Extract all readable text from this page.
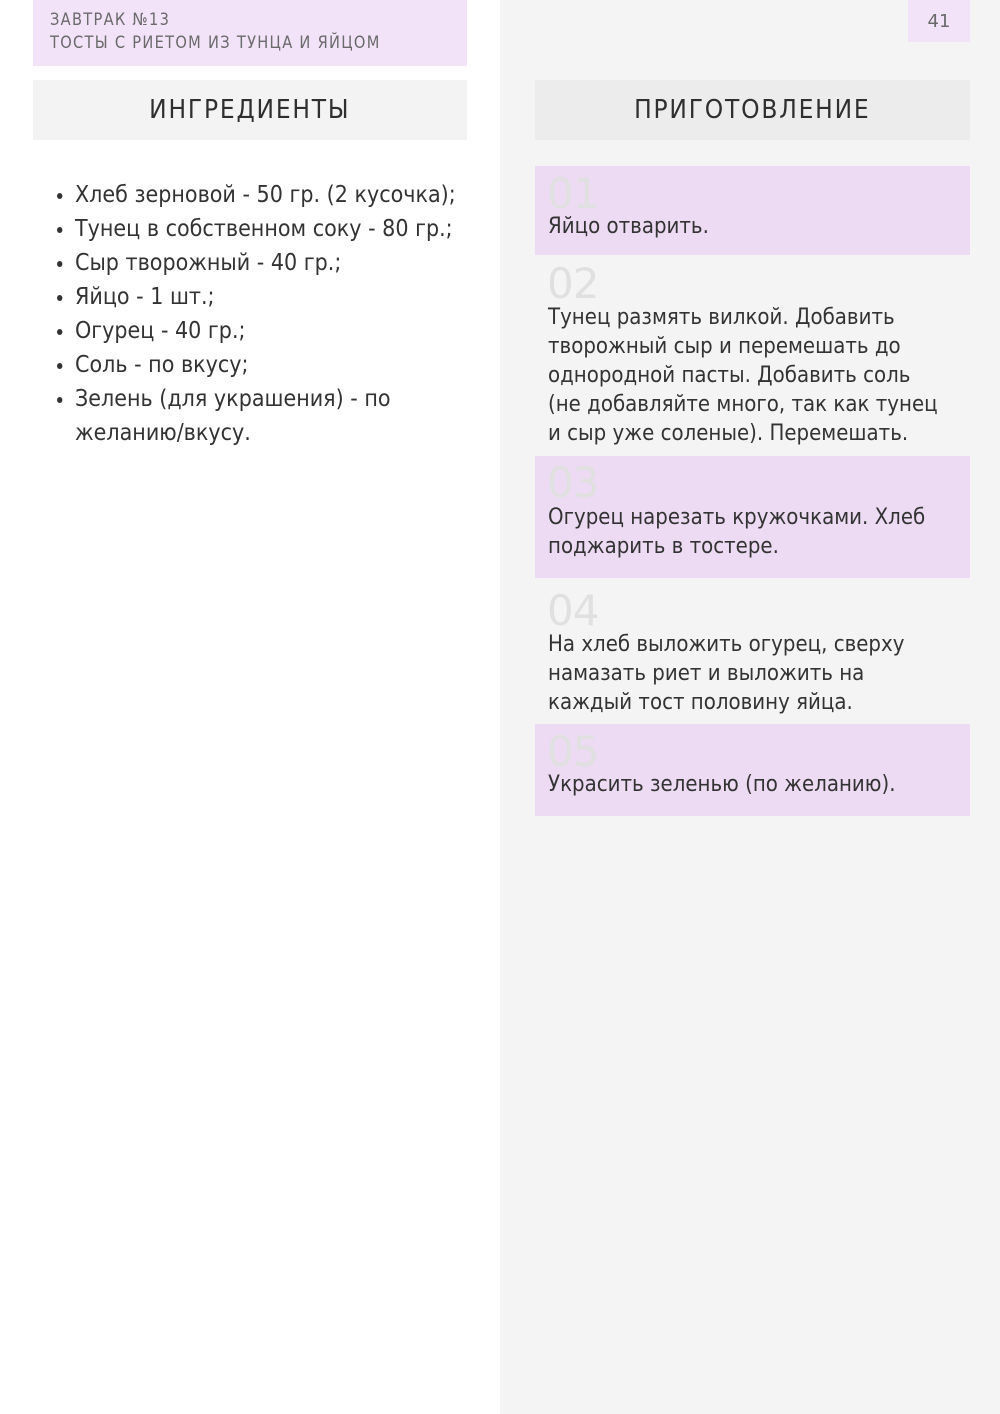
ЗАВТРАК №13
ТОСТЫ С РИЕТОМ ИЗ ТУНЦА И ЯЙЦОМ
41
ИНГРЕДИЕНТЫ	ПРИГОТОВЛЕНИЕ
Хлеб зерновой - 50 гр. (2 кусочка);
Тунец в собственном соку - 80 гр.;
Сыр творожный - 40 гр.;
Яйцо - 1 шт.;
Огурец - 40 гр.;
Соль - по вкусу;
Зелень (для украшения) - по желанию/вкусу.
01
Яйцо отварить.
02
Тунец размять вилкой. Добавить творожный сыр и перемешать до однородной пасты. Добавить соль (не добавляйте много, так как тунец и сыр уже соленые). Перемешать.
03
Огурец нарезать кружочками. Хлеб поджарить в тостере.
04
На хлеб выложить огурец, сверху намазать риет и выложить на каждый тост половину яйца.
05
Украсить зеленью (по желанию).
